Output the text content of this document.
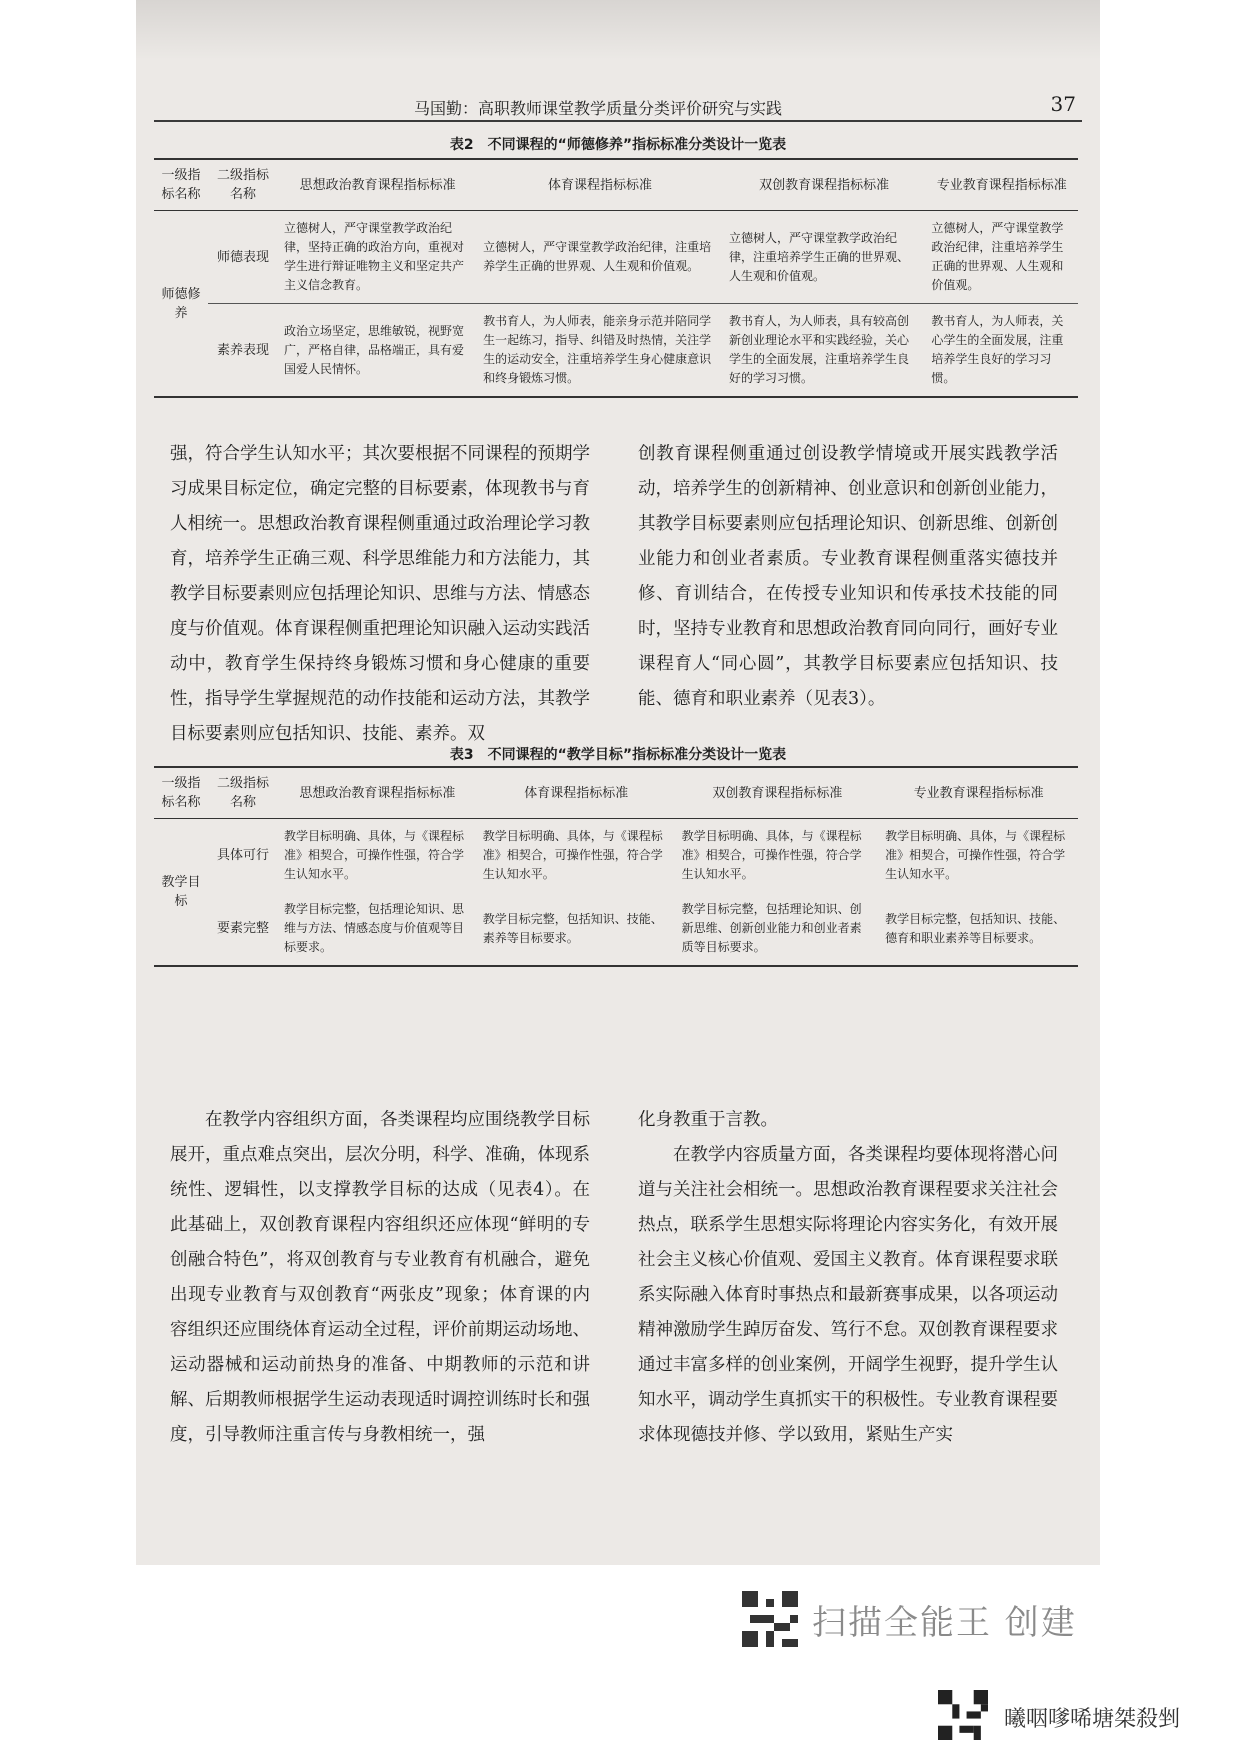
马国勤：高职教师课堂教学质量分类评价研究与实践	37
表2　不同课程的“师德修养”指标标准分类设计一览表
一级指标名称	二级指标名称	思想政治教育课程指标标准	体育课程指标标准	双创教育课程指标标准	专业教育课程指标标准
师德修养	师德表现	立德树人，严守课堂教学政治纪律，坚持正确的政治方向，重视对学生进行辩证唯物主义和坚定共产主义信念教育。	立德树人，严守课堂教学政治纪律，注重培养学生正确的世界观、人生观和价值观。	立德树人，严守课堂教学政治纪律，注重培养学生正确的世界观、人生观和价值观。	立德树人，严守课堂教学政治纪律，注重培养学生正确的世界观、人生观和价值观。
	素养表现	政治立场坚定，思维敏锐，视野宽广，严格自律，品格端正，具有爱国爱人民情怀。	教书育人，为人师表，能亲身示范并陪同学生一起练习，指导、纠错及时热情，关注学生的运动安全，注重培养学生身心健康意识和终身锻炼习惯。	教书育人，为人师表，具有较高创新创业理论水平和实践经验，关心学生的全面发展，注重培养学生良好的学习习惯。	教书育人，为人师表，关心学生的全面发展，注重培养学生良好的学习习惯。

强，符合学生认知水平；其次要根据不同课程的预期学习成果目标定位，确定完整的目标要素，体现教书与育人相统一。思想政治教育课程侧重通过政治理论学习教育，培养学生正确三观、科学思维能力和方法能力，其教学目标要素则应包括理论知识、思维与方法、情感态度与价值观。体育课程侧重把理论知识融入运动实践活动中，教育学生保持终身锻炼习惯和身心健康的重要性，指导学生掌握规范的动作技能和运动方法，其教学目标要素则应包括知识、技能、素养。双

创教育课程侧重通过创设教学情境或开展实践教学活动，培养学生的创新精神、创业意识和创新创业能力，其教学目标要素则应包括理论知识、创新思维、创新创业能力和创业者素质。专业教育课程侧重落实德技并修、育训结合，在传授专业知识和传承技术技能的同时，坚持专业教育和思想政治教育同向同行，画好专业课程育人“同心圆”，其教学目标要素应包括知识、技能、德育和职业素养（见表3）。

表3　不同课程的“教学目标”指标标准分类设计一览表
一级指标名称	二级指标名称	思想政治教育课程指标标准	体育课程指标标准	双创教育课程指标标准	专业教育课程指标标准
教学目标	具体可行	教学目标明确、具体，与《课程标准》相契合，可操作性强，符合学生认知水平。	教学目标明确、具体，与《课程标准》相契合，可操作性强，符合学生认知水平。	教学目标明确、具体，与《课程标准》相契合，可操作性强，符合学生认知水平。	教学目标明确、具体，与《课程标准》相契合，可操作性强，符合学生认知水平。
	要素完整	教学目标完整，包括理论知识、思维与方法、情感态度与价值观等目标要求。	教学目标完整，包括知识、技能、素养等目标要求。	教学目标完整，包括理论知识、创新思维、创新创业能力和创业者素质等目标要求。	教学目标完整，包括知识、技能、德育和职业素养等目标要求。

在教学内容组织方面，各类课程均应围绕教学目标展开，重点难点突出，层次分明，科学、准确，体现系统性、逻辑性，以支撑教学目标的达成（见表4）。在此基础上，双创教育课程内容组织还应体现“鲜明的专创融合特色”，将双创教育与专业教育有机融合，避免出现专业教育与双创教育“两张皮”现象；体育课的内容组织还应围绕体育运动全过程，评价前期运动场地、运动器械和运动前热身的准备、中期教师的示范和讲解、后期教师根据学生运动表现适时调控训练时长和强度，引导教师注重言传与身教相统一，强

化身教重于言教。

在教学内容质量方面，各类课程均要体现将潜心问道与关注社会相统一。思想政治教育课程要求关注社会热点，联系学生思想实际将理论内容实务化，有效开展社会主义核心价值观、爱国主义教育。体育课程要求联系实际融入体育时事热点和最新赛事成果，以各项运动精神激励学生踔厉奋发、笃行不怠。双创教育课程要求通过丰富多样的创业案例，开阔学生视野，提升学生认知水平，调动学生真抓实干的积极性。专业教育课程要求体现德技并修、学以致用，紧贴生产实

扫描全能王 创建
曦咽嗲唏塘桀殺剉
